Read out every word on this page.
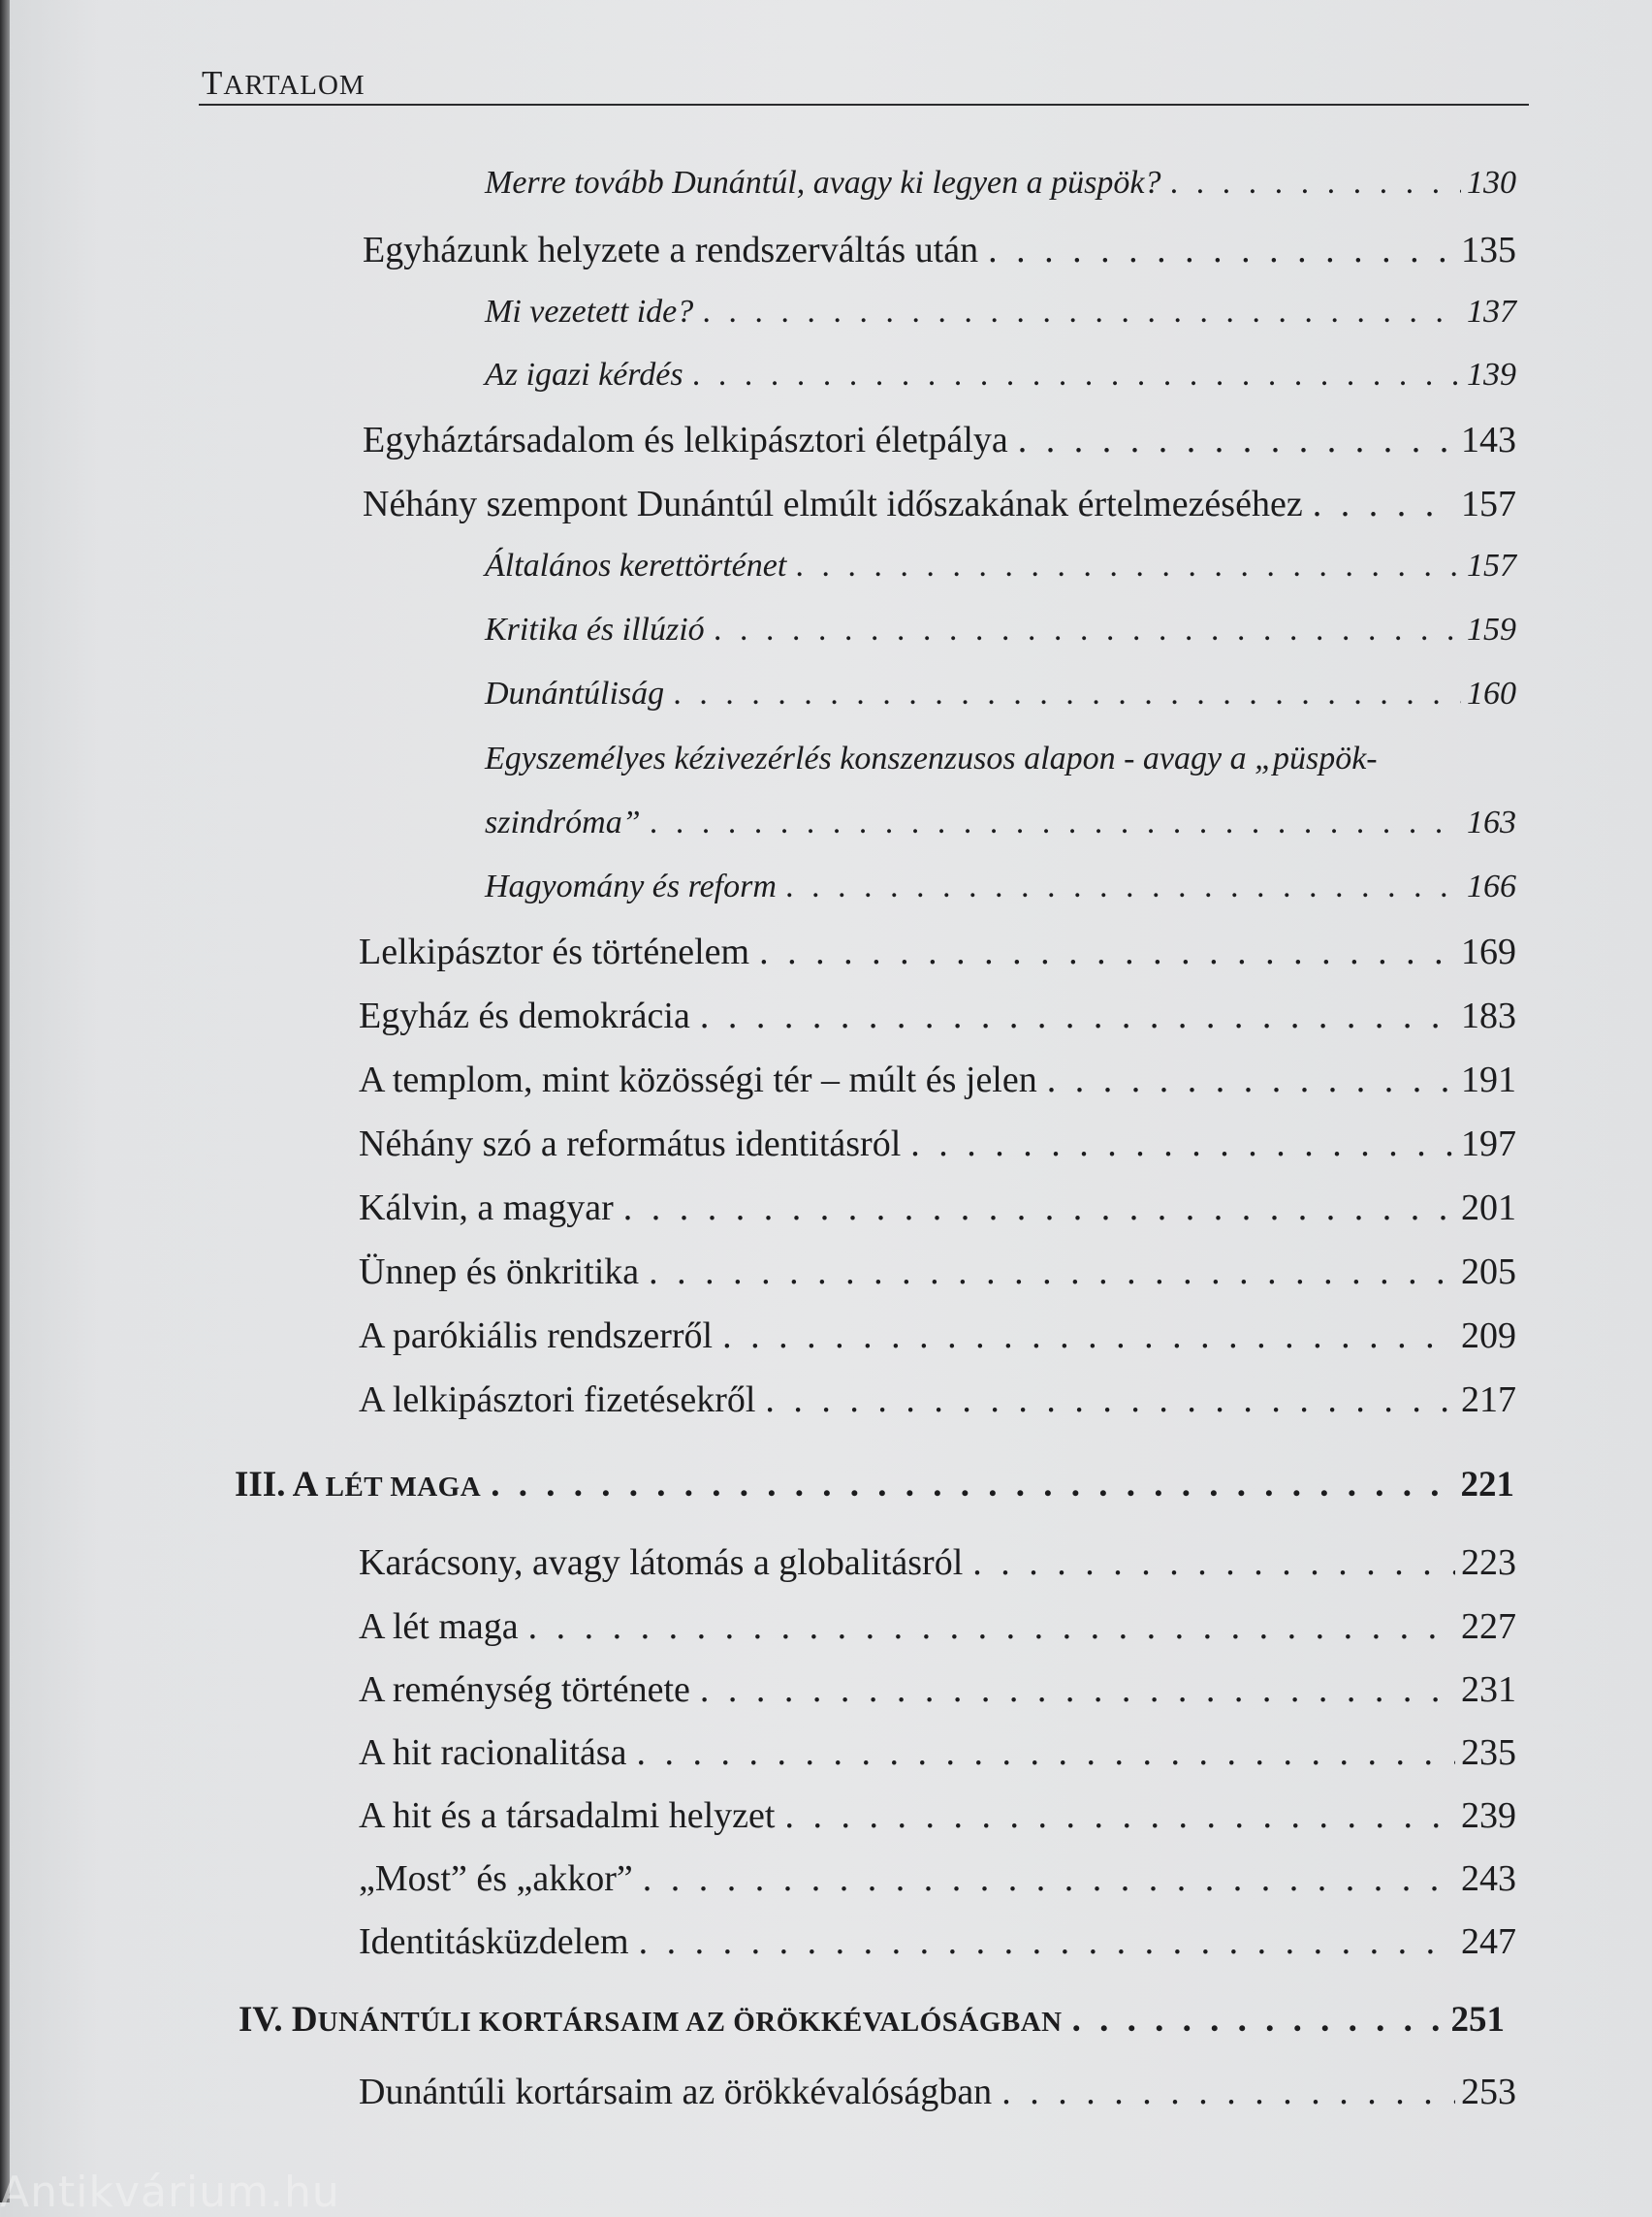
TARTALOM
Merre tovább Dunántúl, avagy ki legyen a püspök? . . .	130
Egyházunk helyzete a rendszerváltás után . . .	135
Mi vezetett ide? . . .	137
Az igazi kérdés . . .	139
Egyháztársadalom és lelkipásztori életpálya . . .	143
Néhány szempont Dunántúl elmúlt időszakának értelmezéséhez . . .	157
Általános kerettörténet . . .	157
Kritika és illúzió . . .	159
Dunántúliság . . .	160
Egyszemélyes kézivezérlés konszenzusos alapon - avagy a „püspök-
szindróma” . . .	163
Hagyomány és reform . . .	166
Lelkipásztor és történelem . . .	169
Egyház és demokrácia . . .	183
A templom, mint közösségi tér – múlt és jelen . . .	191
Néhány szó a református identitásról . . .	197
Kálvin, a magyar . . .	201
Ünnep és önkritika . . .	205
A parókiális rendszerről . . .	209
A lelkipásztori fizetésekről . . .	217
III. A LÉT MAGA . . .	221
Karácsony, avagy látomás a globalitásról . . .	223
A lét maga . . .	227
A reménység története . . .	231
A hit racionalitása . . .	235
A hit és a társadalmi helyzet . . .	239
„Most” és „akkor” . . .	243
Identitásküzdelem . . .	247
IV. DUNÁNTÚLI KORTÁRSAIM AZ ÖRÖKKÉVALÓSÁGBAN . . .	251
Dunántúli kortársaim az örökkévalóságban . . .	253
Antikvárium.hu
